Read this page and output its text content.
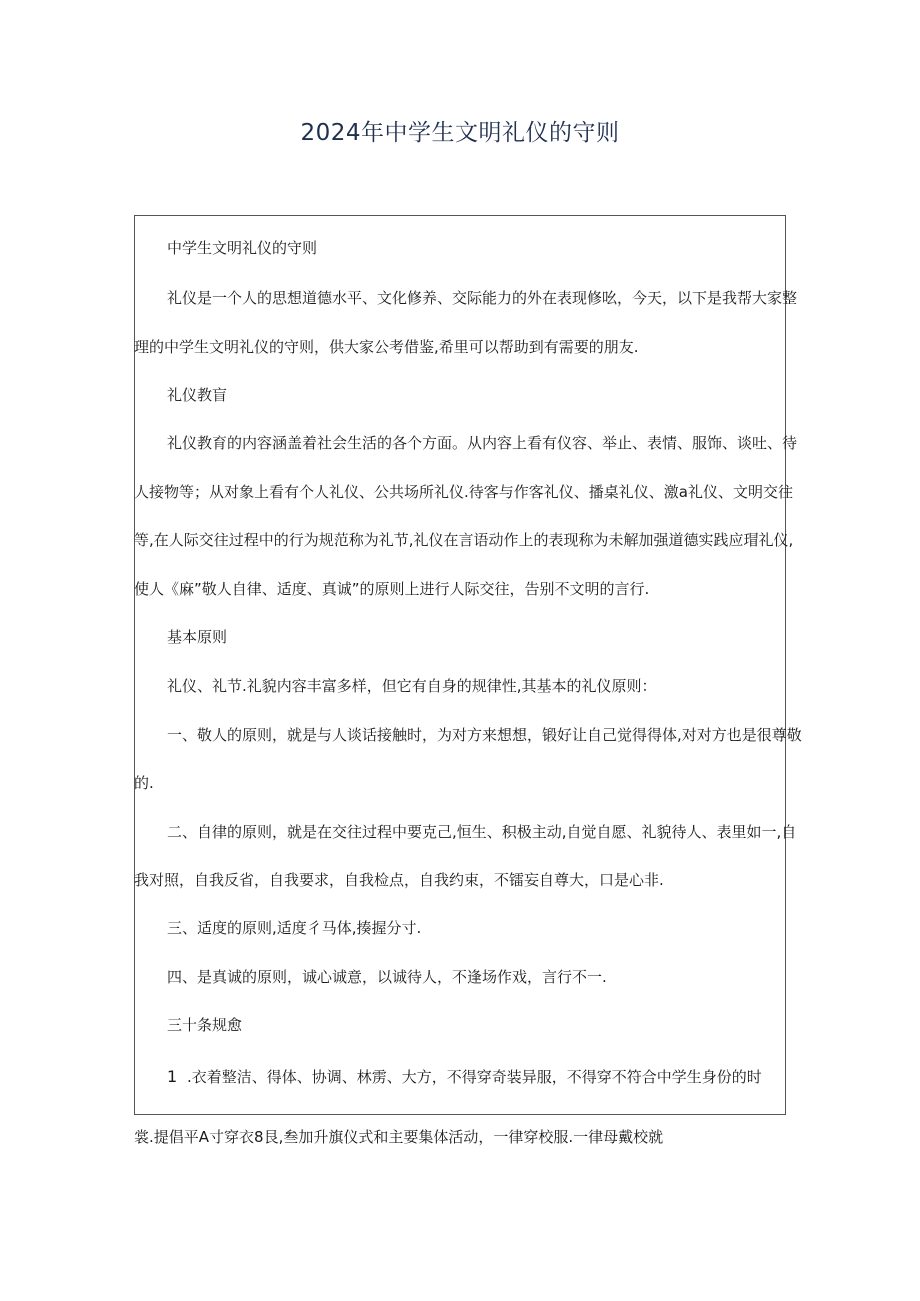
2024年中学生文明礼仪的守则
中学生文明礼仪的守则
礼仪是一个人的思想道德水平、文化修养、交际能力的外在表现修吆，今天，以下是我帮大家整
理的中学生文明礼仪的守则，供大家公考借鉴,希里可以帮助到有需要的朋友.
礼仪教盲
礼仪教育的内容涵盖着社会生活的各个方面。从内容上看有仪容、举止、表情、服饰、谈吐、待
人接物等；从对象上看有个人礼仪、公共场所礼仪.待客与作客礼仪、播桌礼仪、激a礼仪、文明交往
等,在人际交往过程中的行为规范称为礼节,礼仪在言语动作上的表现称为未解加强道德实践应瑁礼仪,
使人《麻”敬人自律、适度、真诚”的原则上进行人际交往，告别不文明的言行.
基本原则
礼仪、礼节.礼貌内容丰富多样，但它有自身的规律性,其基本的礼仪原则：
一、敬人的原则，就是与人谈话接触时，为对方来想想，锻好让自己觉得得体,对对方也是很尊敬
的.
二、自律的原则，就是在交往过程中要克己,恒生、积极主动,自觉自愿、礼貌待人、表里如一,自
我对照，自我反省，自我要求，自我检点，自我约束，不镭妄自尊大，口是心非.
三、适度的原则,适度彳马体,揍握分寸.
四、是真诚的原则，诚心诚意，以诚待人，不逢场作戏，言行不一.
三十条规愈
1 .衣着整洁、得体、协调、林雳、大方，不得穿奇装异服，不得穿不符合中学生身份的时
裳.提倡平A寸穿衣8艮,叁加升旗仪式和主要集体活动，一律穿校服.一律母戴校就
